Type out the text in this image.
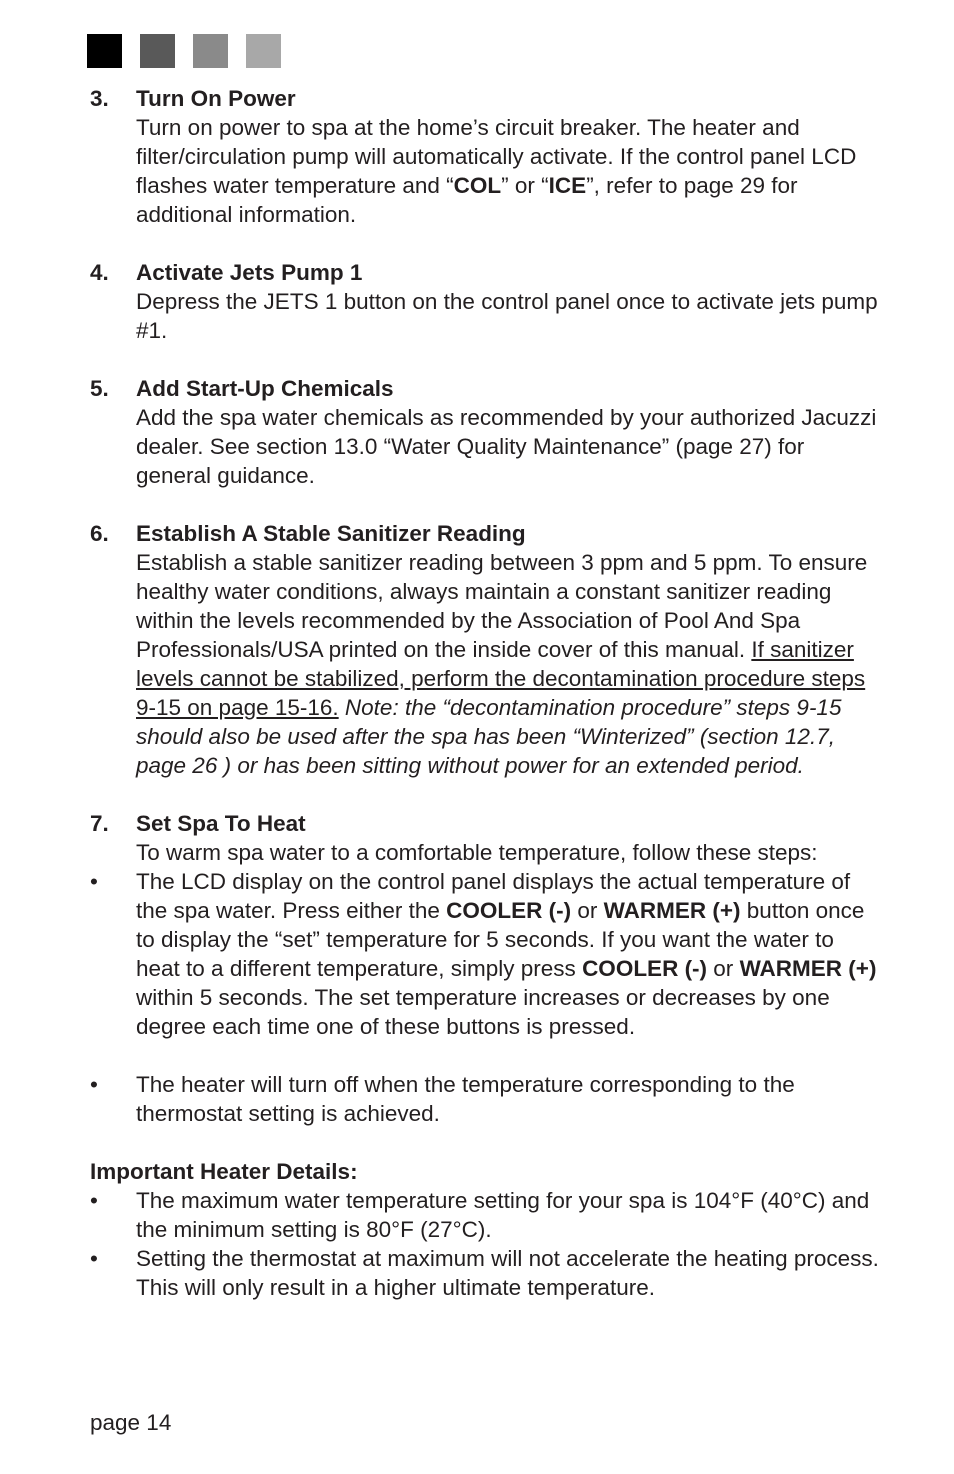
3. Turn On Power
Turn on power to spa at the home’s circuit breaker. The heater and filter/circulation pump will automatically activate. If the control panel LCD flashes water temperature and “COL” or “ICE”, refer to page 29 for additional information.
4. Activate Jets Pump 1
Depress the JETS 1 button on the control panel once to activate jets pump #1.
5. Add Start-Up Chemicals
Add the spa water chemicals as recommended by your authorized Jacuzzi dealer. See section 13.0 “Water Quality Maintenance” (page 27) for general guidance.
6. Establish A Stable Sanitizer Reading
Establish a stable sanitizer reading between 3 ppm and 5 ppm. To ensure healthy water conditions, always maintain a constant sanitizer reading within the levels recommended by the Association of Pool And Spa Professionals/USA printed on the inside cover of this manual. If sanitizer levels cannot be stabilized, perform the decontamination procedure steps 9-15 on page 15-16. Note: the “decontamination procedure” steps 9-15 should also be used after the spa has been “Winterized” (section 12.7, page 26 ) or has been sitting without power for an extended period.
7. Set Spa To Heat
To warm spa water to a comfortable temperature, follow these steps:
• The LCD display on the control panel displays the actual temperature of the spa water. Press either the COOLER (-) or WARMER (+) button once to display the “set” temperature for 5 seconds. If you want the water to heat to a different temperature, simply press COOLER (-) or WARMER (+) within 5 seconds. The set temperature increases or decreases by one degree each time one of these buttons is pressed.
• The heater will turn off when the temperature corresponding to the thermostat setting is achieved.
Important Heater Details:
• The maximum water temperature setting for your spa is 104°F (40°C) and the minimum setting is 80°F (27°C).
• Setting the thermostat at maximum will not accelerate the heating process. This will only result in a higher ultimate temperature.
page 14
